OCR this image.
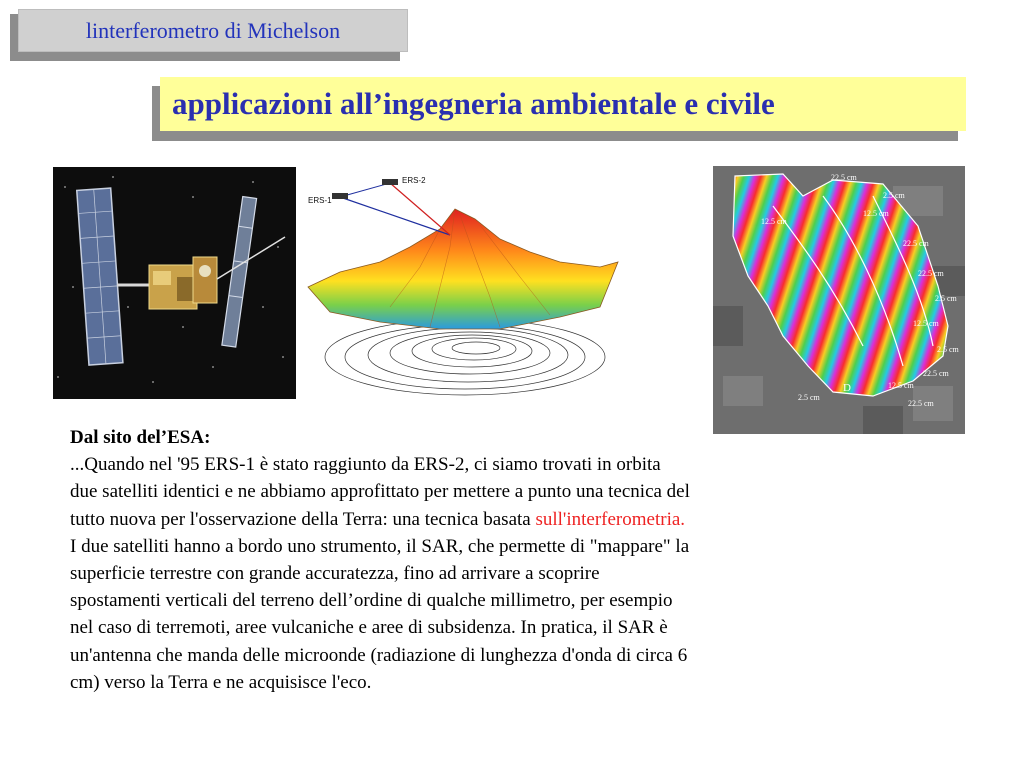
linterferometro di Michelson
applicazioni all’ingegneria ambientale e civile
ERS-2
ERS-1
22.5 cm
12.5 cm
22.5 cm
2.5 cm
12.5 cm
22.5 cm
2.5 cm
12.5 cm
2.5 cm
22.5 cm
12.5 cm
2.5 cm
22.5 cm
D
Dal sito del’ESA:
...Quando nel '95 ERS-1 è stato raggiunto da ERS-2, ci siamo trovati in orbita due satelliti identici e ne abbiamo approfittato per mettere a punto una tecnica del tutto nuova per l'osservazione della Terra: una tecnica basata sull'interferometria. I due satelliti hanno a bordo uno strumento, il SAR, che permette di "mappare" la superficie terrestre con grande accuratezza, fino ad arrivare a scoprire spostamenti verticali del terreno dell’ordine di qualche millimetro, per esempio nel caso di terremoti, aree vulcaniche e aree di subsidenza. In pratica, il SAR è un'antenna che manda delle microonde (radiazione di lunghezza d'onda di circa 6 cm) verso la Terra e ne acquisisce l'eco.
